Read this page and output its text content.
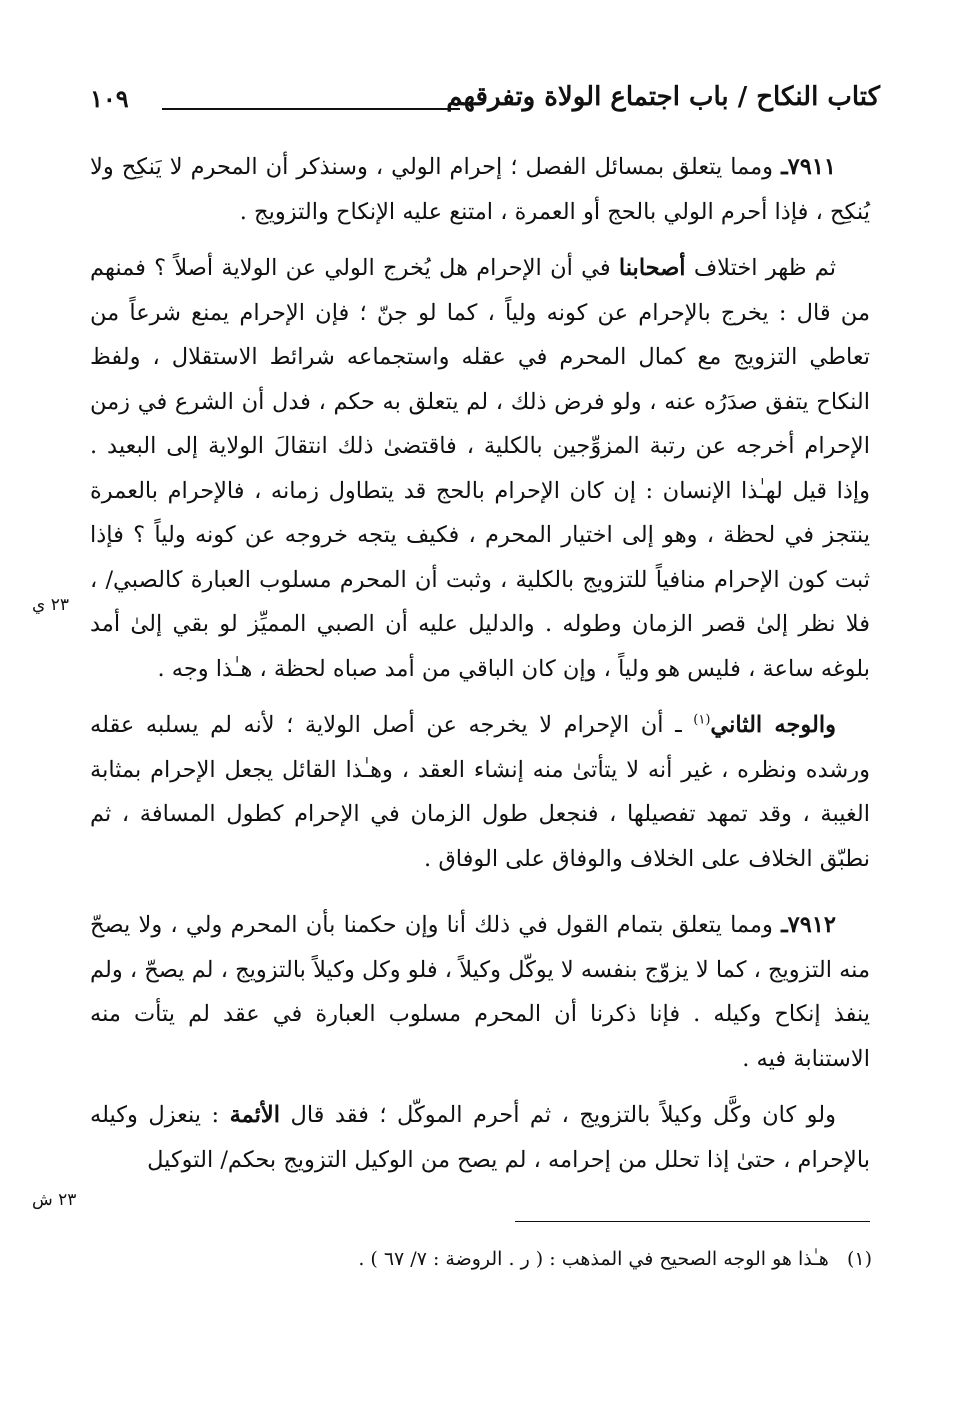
كتاب النكاح / باب اجتماع الولاة وتفرقهم
١٠٩

٧٩١١ـ ومما يتعلق بمسائل الفصل ؛ إحرام الولي ، وسنذكر أن المحرم لا يَنكِح ولا يُنكِح ، فإذا أحرم الولي بالحج أو العمرة ، امتنع عليه الإنكاح والتزويج .

ثم ظهر اختلاف أصحابنا في أن الإحرام هل يُخرج الولي عن الولاية أصلاً ؟ فمنهم من قال : يخرج بالإحرام عن كونه ولياً ، كما لو جنّ ؛ فإن الإحرام يمنع شرعاً من تعاطي التزويج مع كمال المحرم في عقله واستجماعه شرائط الاستقلال ، ولفظ النكاح يتفق صدَرُه عنه ، ولو فرض ذلك ، لم يتعلق به حكم ، فدل أن الشرع في زمن الإحرام أخرجه عن رتبة المزوِّجين بالكلية ، فاقتضىٰ ذلك انتقالَ الولاية إلى البعيد . وإذا قيل لهـٰذا الإنسان : إن كان الإحرام بالحج قد يتطاول زمانه ، فالإحرام بالعمرة ينتجز في لحظة ، وهو إلى اختيار المحرم ، فكيف يتجه خروجه عن كونه ولياً ؟ فإذا ثبت كون الإحرام منافياً للتزويج بالكلية ، وثبت أن المحرم مسلوب العبارة كالصبي/ ، فلا نظر إلىٰ قصر الزمان وطوله . والدليل عليه أن الصبي المميِّز لو بقي إلىٰ أمد بلوغه ساعة ، فليس هو ولياً ، وإن كان الباقي من أمد صباه لحظة ، هـٰذا وجه .

والوجه الثاني$^{(١)}$ ـ أن الإحرام لا يخرجه عن أصل الولاية ؛ لأنه لم يسلبه عقله ورشده ونظره ، غير أنه لا يتأتىٰ منه إنشاء العقد ، وهـٰذا القائل يجعل الإحرام بمثابة الغيبة ، وقد تمهد تفصيلها ، فنجعل طول الزمان في الإحرام كطول المسافة ، ثم نطبّق الخلاف على الخلاف والوفاق على الوفاق .

٧٩١٢ـ ومما يتعلق بتمام القول في ذلك أنا وإن حكمنا بأن المحرم ولي ، ولا يصحّ منه التزويج ، كما لا يزوّج بنفسه لا يوكّل وكيلاً ، فلو وكل وكيلاً بالتزويج ، لم يصحّ ، ولم ينفذ إنكاح وكيله . فإنا ذكرنا أن المحرم مسلوب العبارة في عقد لم يتأت منه الاستنابة فيه .

ولو كان وكَّل وكيلاً بالتزويج ، ثم أحرم الموكّل ؛ فقد قال الأئمة : ينعزل وكيله بالإحرام ، حتىٰ إذا تحلل من إحرامه ، لم يصح من الوكيل التزويج بحكم/ التوكيل

٢٣ ي
٢٣ ش
(١)   هـٰذا هو الوجه الصحيح في المذهب : ( ر . الروضة : ٧/ ٦٧ ) .
